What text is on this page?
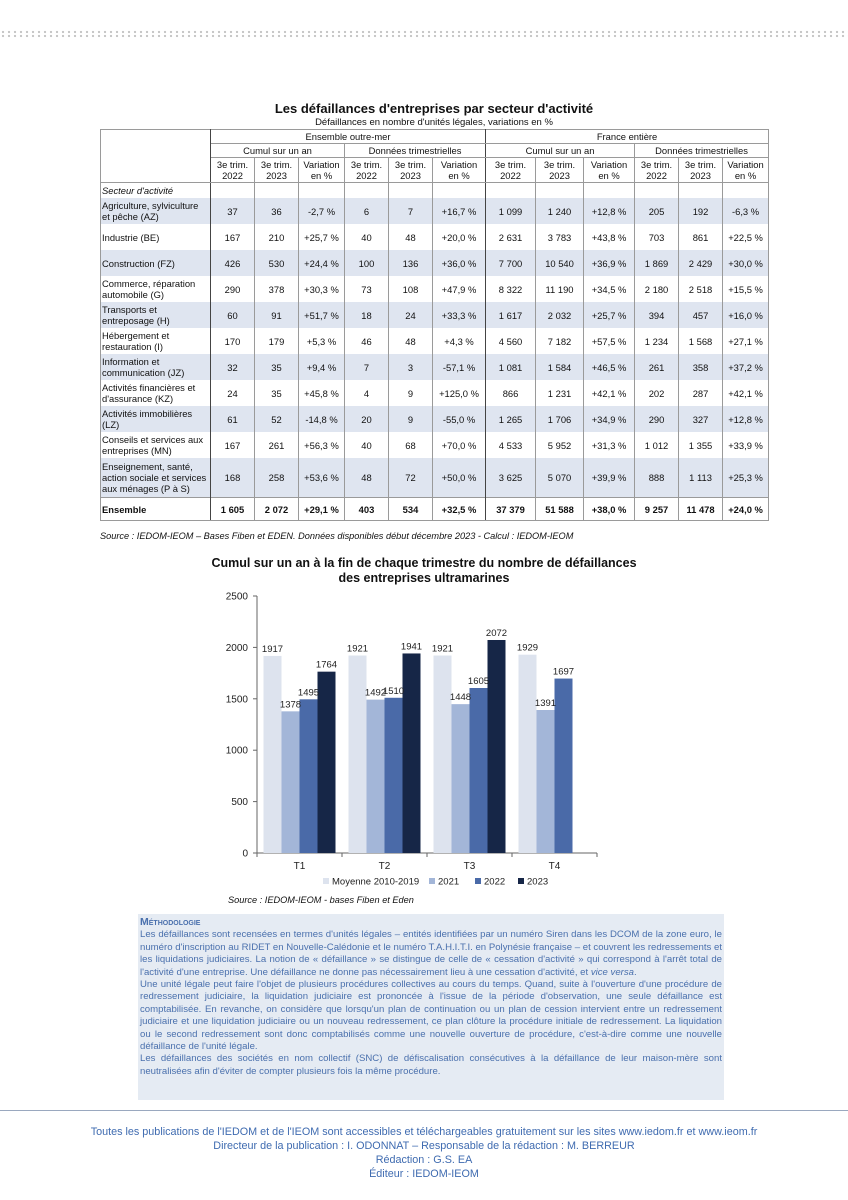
Les défaillances d'entreprises par secteur d'activité
Défaillances en nombre d'unités légales, variations en %
	Ensemble outre-mer						France entière					
	Cumul sur un an			Données trimestrielles			Cumul sur un an			Données trimestrielles		
	3e trim. 2022	3e trim. 2023	Variation en %	3e trim. 2022	3e trim. 2023	Variation en %	3e trim. 2022	3e trim. 2023	Variation en %	3e trim. 2022	3e trim. 2023	Variation en %
Secteur d'activité												
Agriculture, sylviculture et pêche (AZ)	37	36	-2,7 %	6	7	+16,7 %	1 099	1 240	+12,8 %	205	192	-6,3 %
Industrie (BE)	167	210	+25,7 %	40	48	+20,0 %	2 631	3 783	+43,8 %	703	861	+22,5 %
Construction (FZ)	426	530	+24,4 %	100	136	+36,0 %	7 700	10 540	+36,9 %	1 869	2 429	+30,0 %
Commerce, réparation automobile (G)	290	378	+30,3 %	73	108	+47,9 %	8 322	11 190	+34,5 %	2 180	2 518	+15,5 %
Transports et entreposage (H)	60	91	+51,7 %	18	24	+33,3 %	1 617	2 032	+25,7 %	394	457	+16,0 %
Hébergement et restauration (I)	170	179	+5,3 %	46	48	+4,3 %	4 560	7 182	+57,5 %	1 234	1 568	+27,1 %
Information et communication (JZ)	32	35	+9,4 %	7	3	-57,1 %	1 081	1 584	+46,5 %	261	358	+37,2 %
Activités financières et d'assurance (KZ)	24	35	+45,8 %	4	9	+125,0 %	866	1 231	+42,1 %	202	287	+42,1 %
Activités immobilières (LZ)	61	52	-14,8 %	20	9	-55,0 %	1 265	1 706	+34,9 %	290	327	+12,8 %
Conseils et services aux entreprises (MN)	167	261	+56,3 %	40	68	+70,0 %	4 533	5 952	+31,3 %	1 012	1 355	+33,9 %
Enseignement, santé, action sociale et services aux ménages (P à S)	168	258	+53,6 %	48	72	+50,0 %	3 625	5 070	+39,9 %	888	1 113	+25,3 %
Ensemble	1 605	2 072	+29,1 %	403	534	+32,5 %	37 379	51 588	+38,0 %	9 257	11 478	+24,0 %
Source : IEDOM-IEOM – Bases Fiben et EDEN. Données disponibles début décembre 2023 - Calcul : IEDOM-IEOM
Cumul sur un an à la fin de chaque trimestre du nombre de défaillances des entreprises ultramarines
0
500
1000
1500
2000
2500
T1	T2	T3	T4
1917
1378
1495
1764
1921
1492
1510
1941 1921
1448
1605
2072
1929
1391
1697
Moyenne 2010-2019 2021	2022 2023
Source : IEDOM-IEOM - bases Fiben et Eden
Méthodologie

Les défaillances sont recensées en termes d'unités légales – entités identifiées par un numéro Siren dans les DCOM de la zone euro, le numéro d'inscription au RIDET en Nouvelle-Calédonie et le numéro T.A.H.I.T.I. en Polynésie française – et couvrent les redressements et les liquidations judiciaires. La notion de « défaillance » se distingue de celle de « cessation d'activité » qui correspond à l'arrêt total de l'activité d'une entreprise. Une défaillance ne donne pas nécessairement lieu à une cessation d'activité, et vice versa.

Une unité légale peut faire l'objet de plusieurs procédures collectives au cours du temps. Quand, suite à l'ouverture d'une procédure de redressement judiciaire, la liquidation judiciaire est prononcée à l'issue de la période d'observation, une seule défaillance est comptabilisée. En revanche, on considère que lorsqu'un plan de continuation ou un plan de cession intervient entre un redressement judiciaire et une liquidation judiciaire ou un nouveau redressement, ce plan clôture la procédure initiale de redressement. La liquidation ou le second redressement sont donc comptabilisés comme une nouvelle ouverture de procédure, c'est-à-dire comme une nouvelle défaillance de l'unité légale.

Les défaillances des sociétés en nom collectif (SNC) de défiscalisation consécutives à la défaillance de leur maison-mère sont neutralisées afin d'éviter de compter plusieurs fois la même procédure.

Toutes les publications de l'IEDOM et de l'IEOM sont accessibles et téléchargeables gratuitement sur les sites www.iedom.fr et www.ieom.fr
Directeur de la publication : I. ODONNAT – Responsable de la rédaction : M. BERREUR
Rédaction : G.S. EA
Éditeur : IEDOM-IEOM
